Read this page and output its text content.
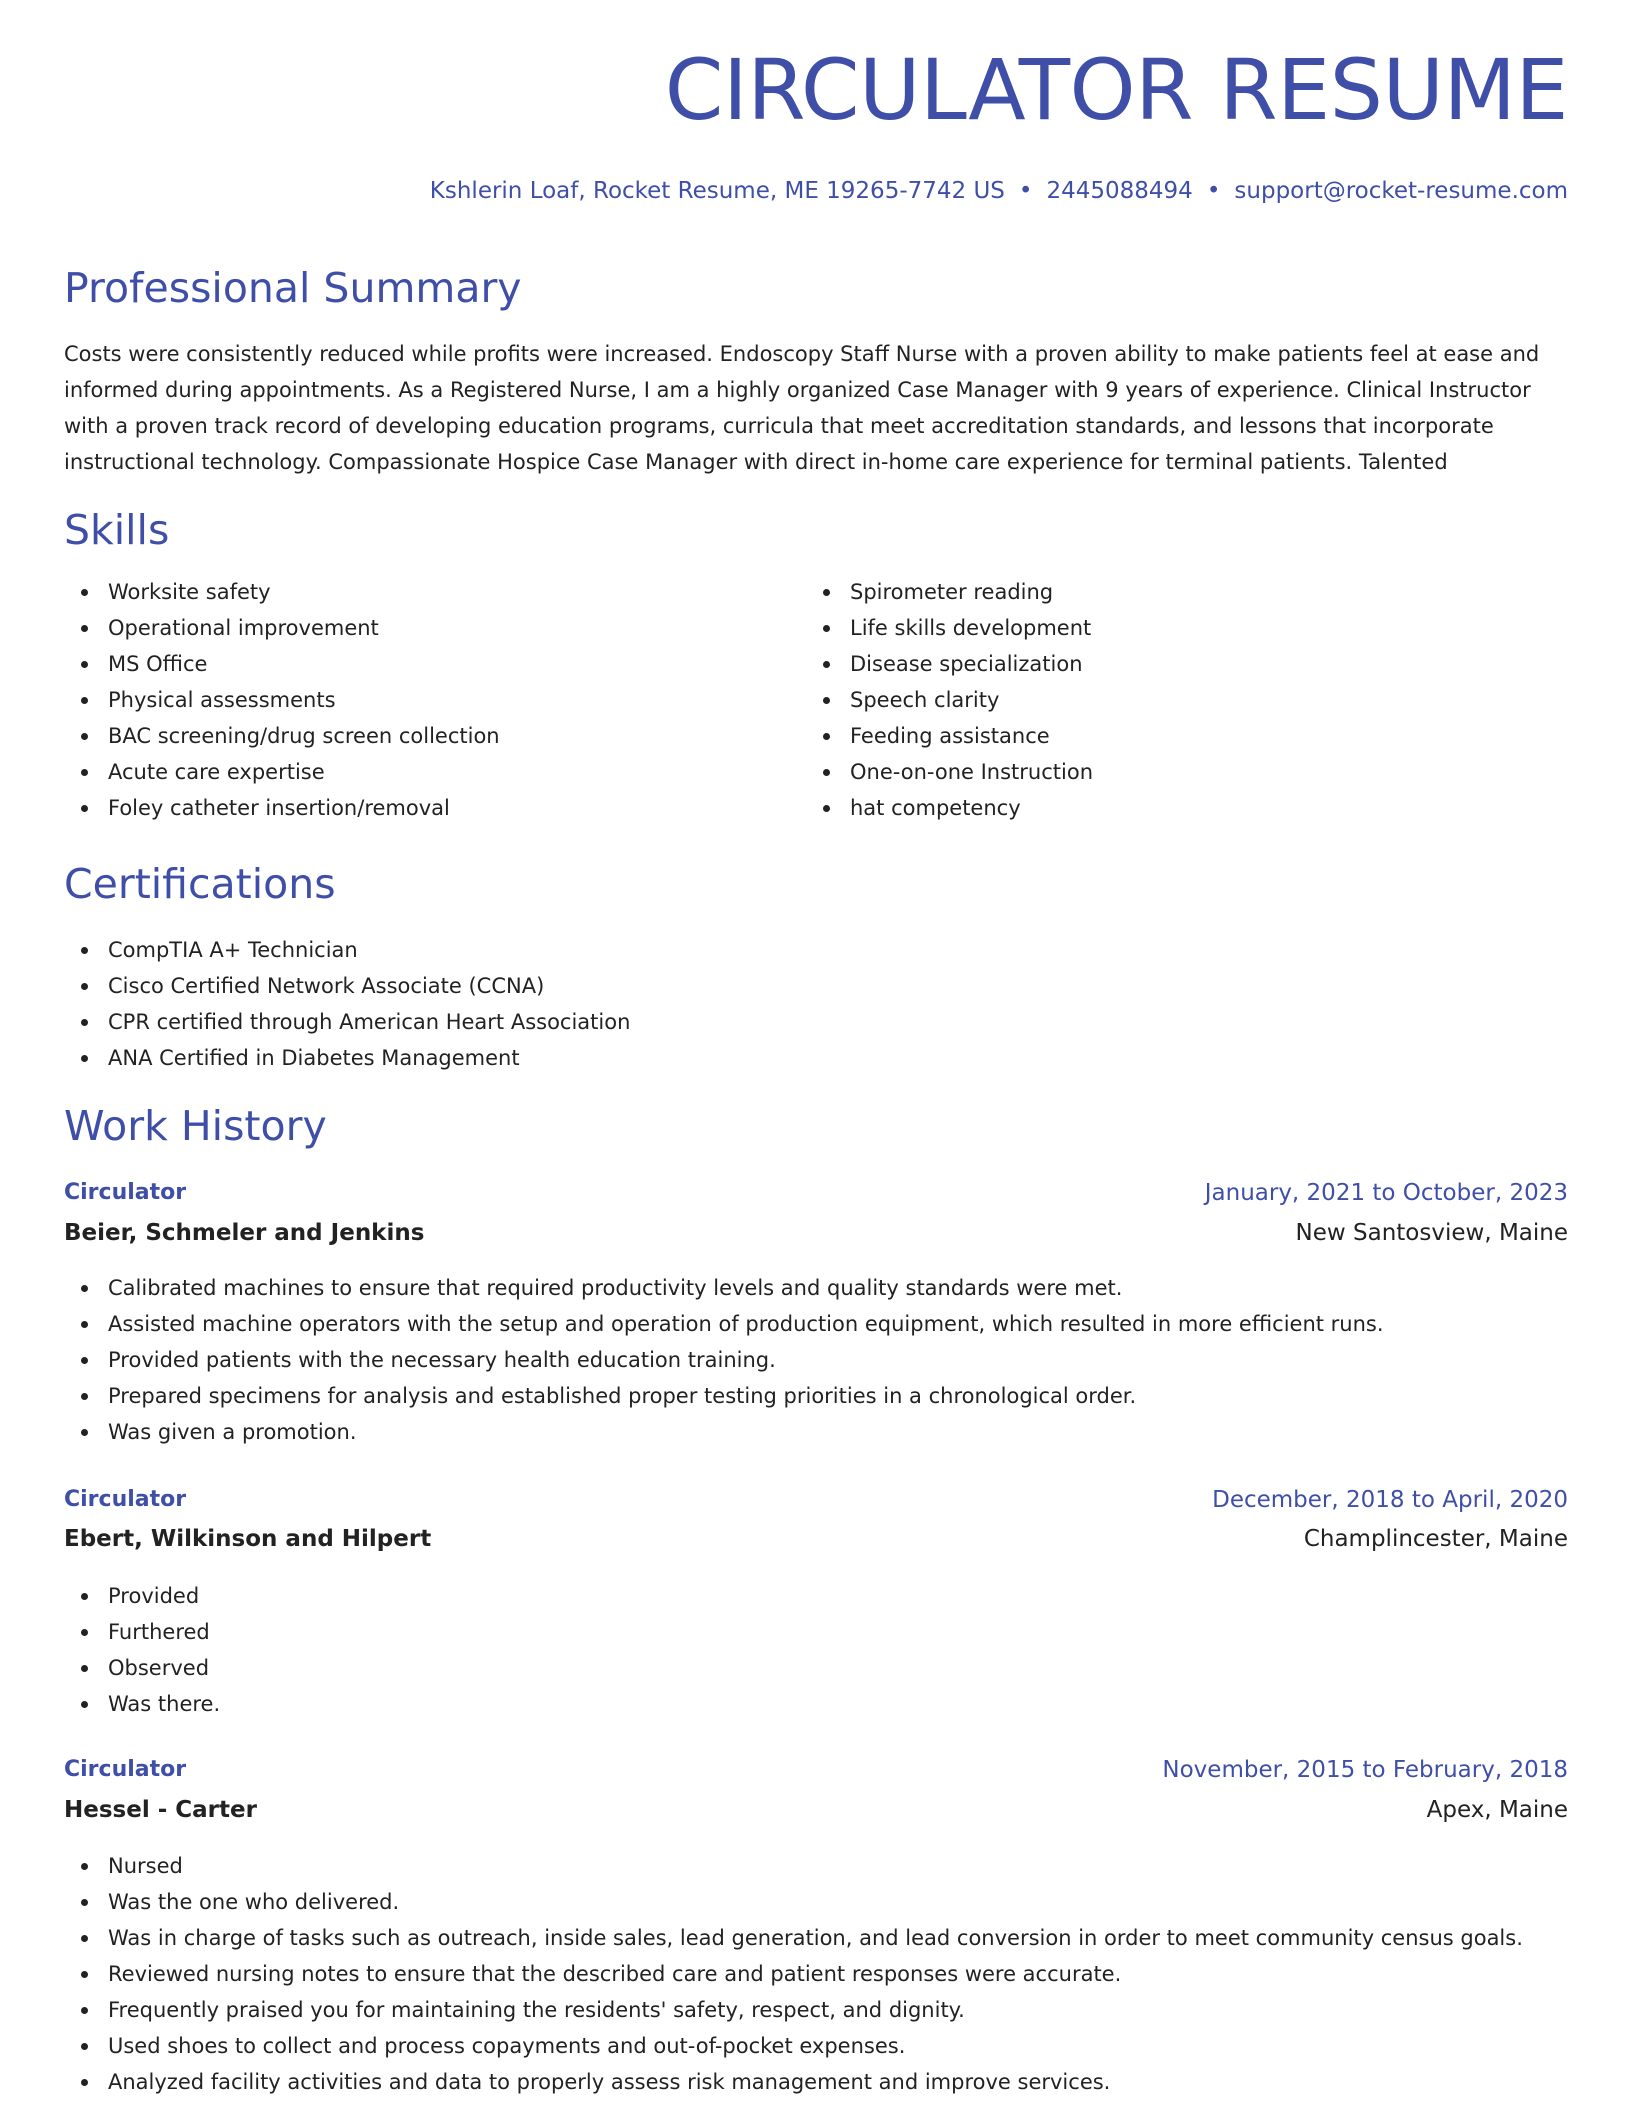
CIRCULATOR RESUME
Kshlerin Loaf, Rocket Resume, ME 19265-7742 US • 2445088494 • support@rocket-resume.com
Professional Summary

Costs were consistently reduced while profits were increased. Endoscopy Staff Nurse with a proven ability to make patients feel at ease and informed during appointments. As a Registered Nurse, I am a highly organized Case Manager with 9 years of experience. Clinical Instructor with a proven track record of developing education programs, curricula that meet accreditation standards, and lessons that incorporate instructional technology. Compassionate Hospice Case Manager with direct in-home care experience for terminal patients. Talented

Skills
Worksite safety
Operational improvement
MS Office
Physical assessments
BAC screening/drug screen collection
Acute care expertise
Foley catheter insertion/removal
Spirometer reading
Life skills development
Disease specialization
Speech clarity
Feeding assistance
One-on-one Instruction
hat competency
Certifications
CompTIA A+ Technician
Cisco Certified Network Associate (CCNA)
CPR certified through American Heart Association
ANA Certified in Diabetes Management
Work History
Circulator	January, 2021 to October, 2023
Beier, Schmeler and Jenkins	New Santosview, Maine
Calibrated machines to ensure that required productivity levels and quality standards were met.
Assisted machine operators with the setup and operation of production equipment, which resulted in more efficient runs.
Provided patients with the necessary health education training.
Prepared specimens for analysis and established proper testing priorities in a chronological order.
Was given a promotion.
Circulator	December, 2018 to April, 2020
Ebert, Wilkinson and Hilpert	Champlincester, Maine
Provided
Furthered
Observed
Was there.
Circulator	November, 2015 to February, 2018
Hessel - Carter	Apex, Maine
Nursed
Was the one who delivered.
Was in charge of tasks such as outreach, inside sales, lead generation, and lead conversion in order to meet community census goals.
Reviewed nursing notes to ensure that the described care and patient responses were accurate.
Frequently praised you for maintaining the residents' safety, respect, and dignity.
Used shoes to collect and process copayments and out-of-pocket expenses.
Analyzed facility activities and data to properly assess risk management and improve services.
